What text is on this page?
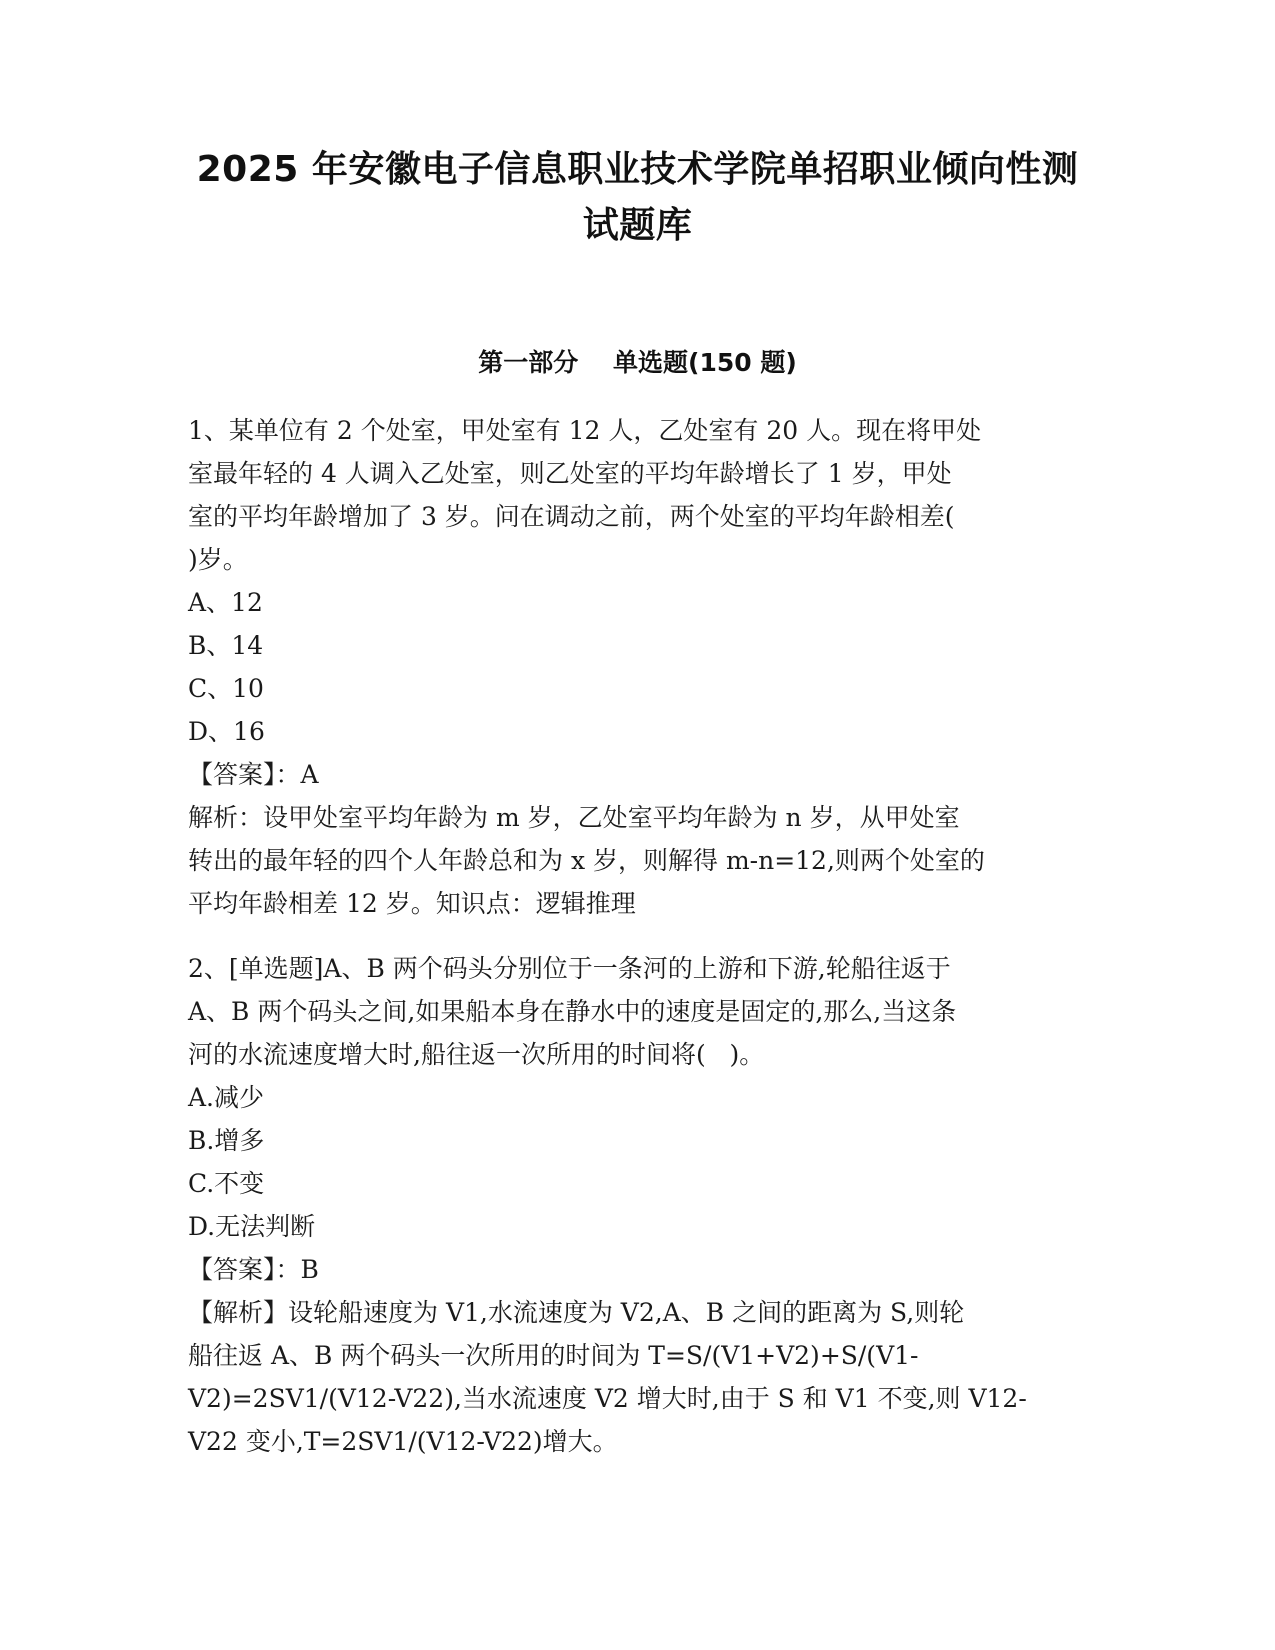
2025 年安徽电子信息职业技术学院单招职业倾向性测
试题库
第一部分    单选题(150 题)
1、某单位有 2 个处室，甲处室有 12 人，乙处室有 20 人。现在将甲处
室最年轻的 4 人调入乙处室，则乙处室的平均年龄增长了 1 岁，甲处
室的平均年龄增加了 3 岁。问在调动之前，两个处室的平均年龄相差(
)岁。
A、12
B、14
C、10
D、16
【答案】：A
解析：设甲处室平均年龄为 m 岁，乙处室平均年龄为 n 岁，从甲处室
转出的最年轻的四个人年龄总和为 x 岁，则解得 m-n=12,则两个处室的
平均年龄相差 12 岁。知识点：逻辑推理
2、[单选题]A、B 两个码头分别位于一条河的上游和下游,轮船往返于
A、B 两个码头之间,如果船本身在静水中的速度是固定的,那么,当这条
河的水流速度增大时,船往返一次所用的时间将(   )。
A.减少
B.增多
C.不变
D.无法判断
【答案】：B
【解析】设轮船速度为 V1,水流速度为 V2,A、B 之间的距离为 S,则轮
船往返 A、B 两个码头一次所用的时间为 T=S/(V1+V2)+S/(V1-
V2)=2SV1/(V12-V22),当水流速度 V2 增大时,由于 S 和 V1 不变,则 V12-
V22 变小,T=2SV1/(V12-V22)增大。
